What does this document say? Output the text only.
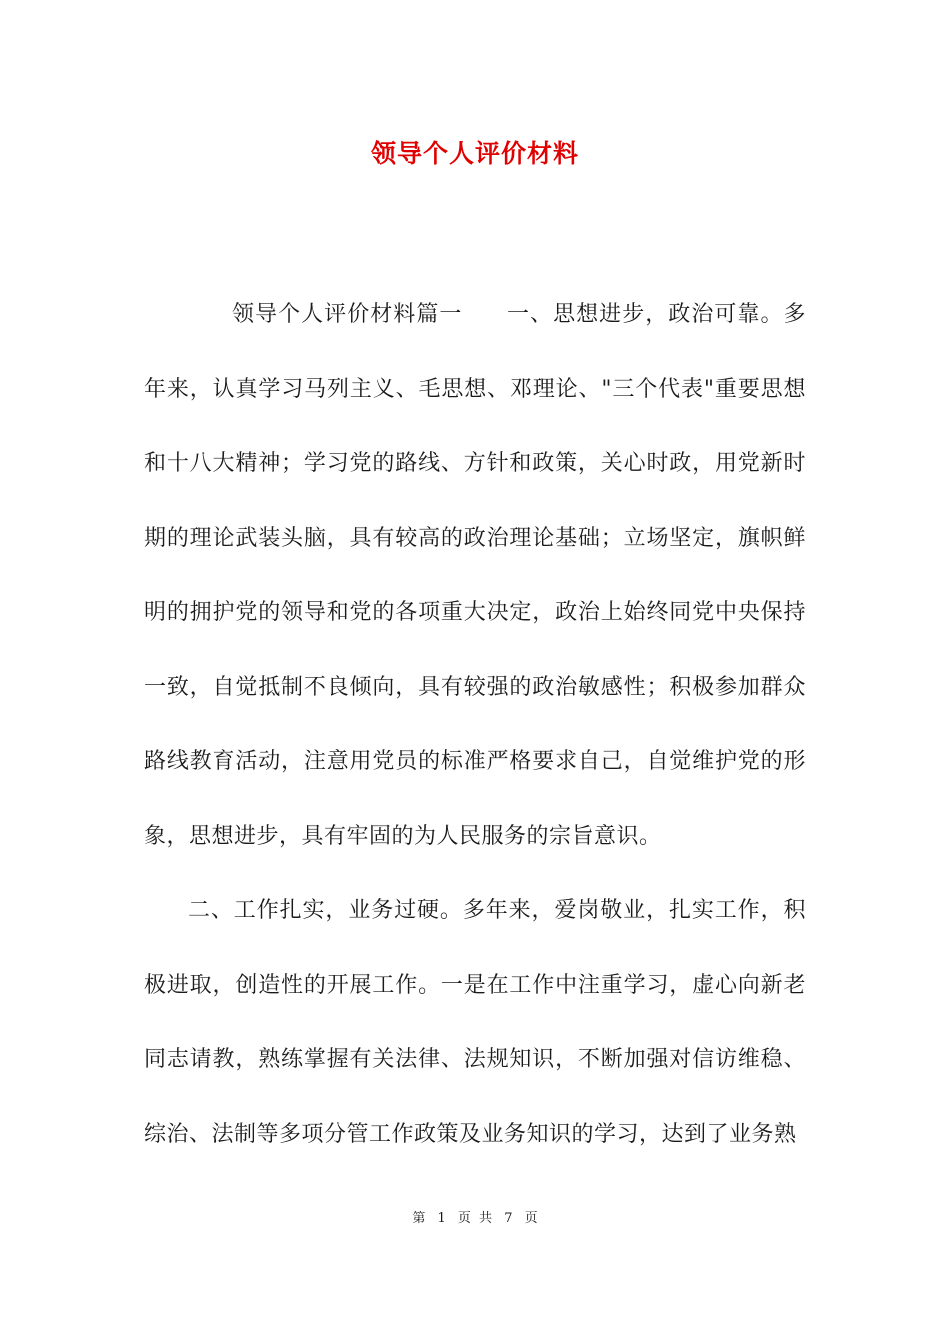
领导个人评价材料

领导个人评价材料篇一 一、思想进步，政治可靠。多年来，认真学习马列主义、毛思想、邓理论、"三个代表"重要思想和十八大精神；学习党的路线、方针和政策，关心时政，用党新时期的理论武装头脑，具有较高的政治理论基础；立场坚定，旗帜鲜明的拥护党的领导和党的各项重大决定，政治上始终同党中央保持一致，自觉抵制不良倾向，具有较强的政治敏感性；积极参加群众路线教育活动，注意用党员的标准严格要求自己，自觉维护党的形象，思想进步，具有牢固的为人民服务的宗旨意识。

二、工作扎实，业务过硬。多年来，爱岗敬业，扎实工作，积极进取，创造性的开展工作。一是在工作中注重学习，虚心向新老同志请教，熟练掌握有关法律、法规知识，不断加强对信访维稳、综治、法制等多项分管工作政策及业务知识的学习，达到了业务熟

第 1 页 共 7 页
